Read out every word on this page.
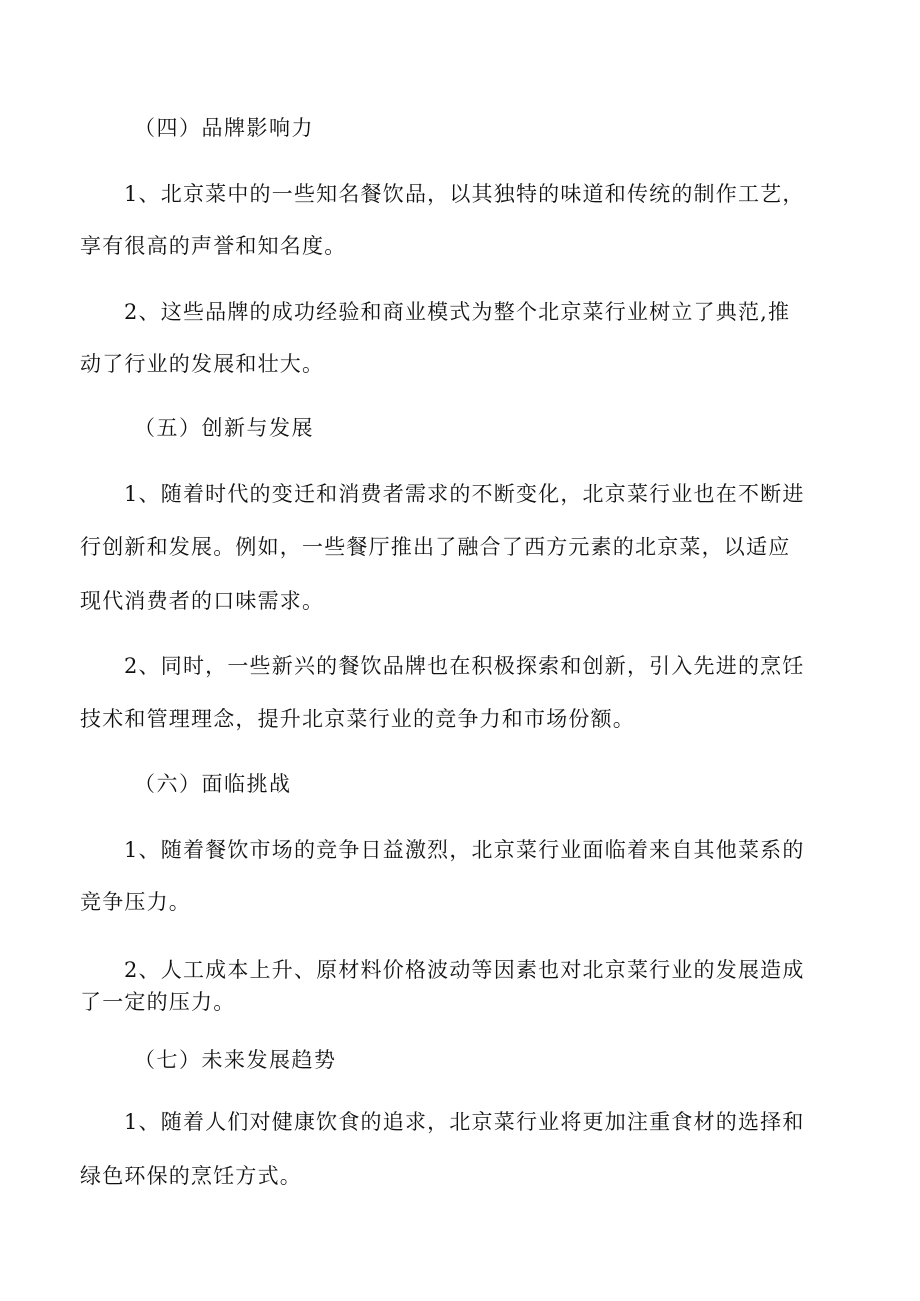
（四）品牌影响力
1、北京菜中的一些知名餐饮品，以其独特的味道和传统的制作工艺，
享有很高的声誉和知名度。
2、这些品牌的成功经验和商业模式为整个北京菜行业树立了典范,推
动了行业的发展和壮大。
（五）创新与发展
1、随着时代的变迁和消费者需求的不断变化，北京菜行业也在不断进
行创新和发展。例如，一些餐厅推出了融合了西方元素的北京菜，以适应
现代消费者的口味需求。
2、同时，一些新兴的餐饮品牌也在积极探索和创新，引入先进的烹饪
技术和管理理念，提升北京菜行业的竞争力和市场份额。
（六）面临挑战
1、随着餐饮市场的竞争日益激烈，北京菜行业面临着来自其他菜系的
竞争压力。
2、人工成本上升、原材料价格波动等因素也对北京菜行业的发展造成
了一定的压力。
（七）未来发展趋势
1、随着人们对健康饮食的追求，北京菜行业将更加注重食材的选择和
绿色环保的烹饪方式。
